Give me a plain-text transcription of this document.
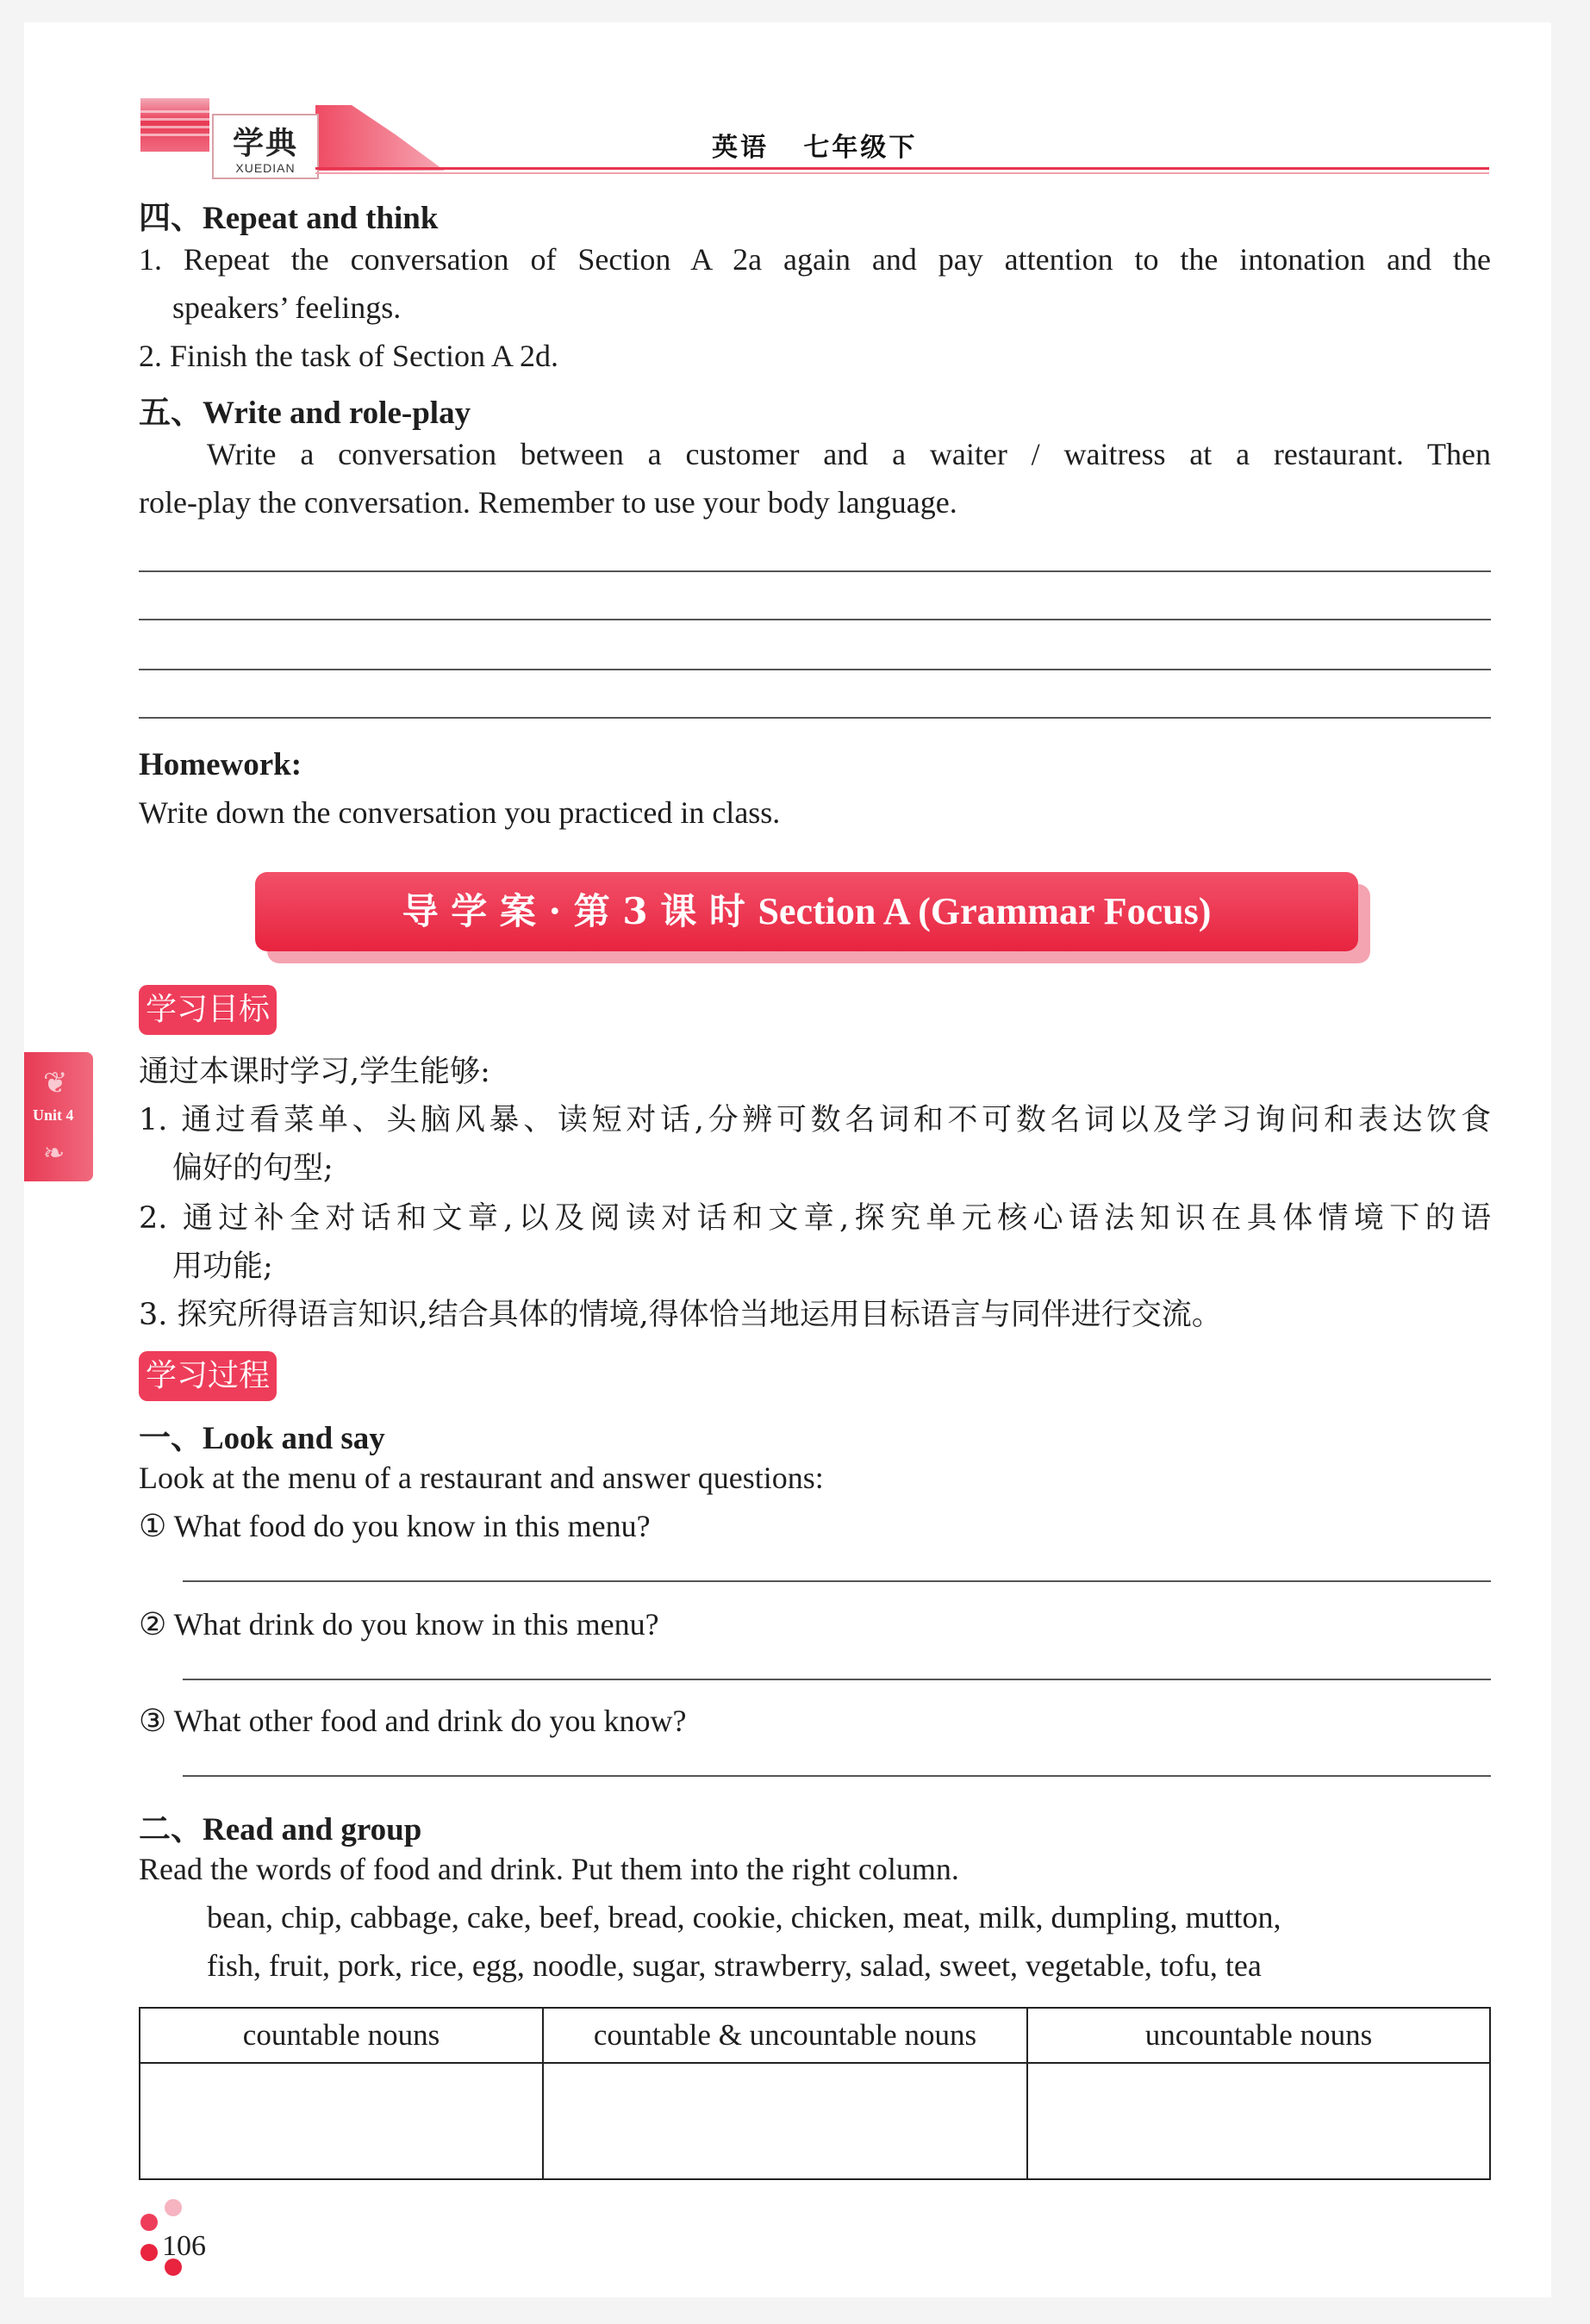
学典
XUEDIAN
英语   七年级下
四、Repeat and think
1. Repeat the conversation of Section A 2a again and pay attention to the intonation and the
speakers’ feelings.
2. Finish the task of Section A 2d.
五、Write and role-play
Write a conversation between a customer and a waiter / waitress at a restaurant. Then
role-play the conversation. Remember to use your body language.
Homework:
Write down the conversation you practiced in class.
导 学 案 · 第 3 课 时 Section A (Grammar Focus)
❦
Unit 4
❧
学习目标
通过本课时学习,学生能够:
1. 通过看菜单、头脑风暴、读短对话,分辨可数名词和不可数名词以及学习询问和表达饮食
偏好的句型;
2. 通过补全对话和文章,以及阅读对话和文章,探究单元核心语法知识在具体情境下的语
用功能;
3. 探究所得语言知识,结合具体的情境,得体恰当地运用目标语言与同伴进行交流。
学习过程
一、Look and say
Look at the menu of a restaurant and answer questions:
① What food do you know in this menu?
② What drink do you know in this menu?
③ What other food and drink do you know?
二、Read and group
Read the words of food and drink. Put them into the right column.
bean, chip, cabbage, cake, beef, bread, cookie, chicken, meat, milk, dumpling, mutton,
fish, fruit, pork, rice, egg, noodle, sugar, strawberry, salad, sweet, vegetable, tofu, tea
countable nouns	countable & uncountable nouns	uncountable nouns
106
